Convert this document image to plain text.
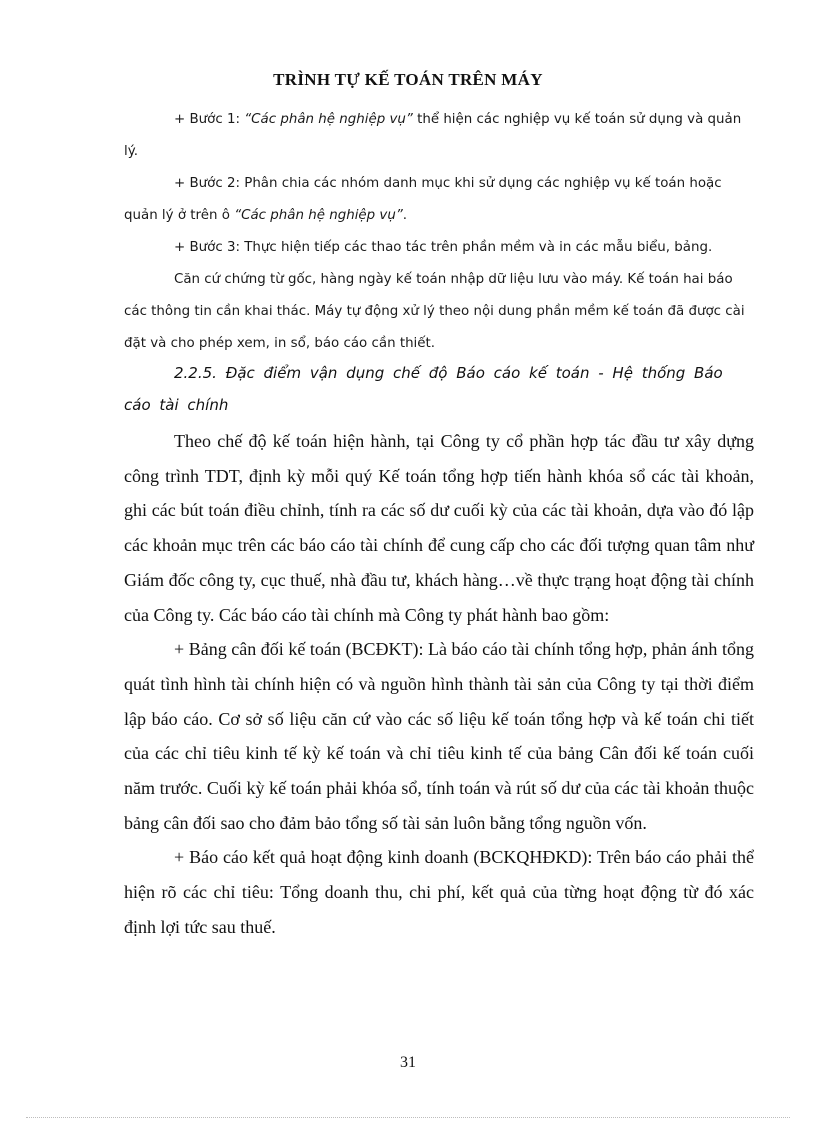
TRÌNH TỰ KẾ TOÁN TRÊN MÁY

+ Bước 1: “Các phân hệ nghiệp vụ” thể hiện các nghiệp vụ kế toán sử dụng và quản lý.

+ Bước 2: Phân chia các nhóm danh mục khi sử dụng các nghiệp vụ kế toán hoặc quản lý ở trên ô “Các phân hệ nghiệp vụ”.

+ Bước 3: Thực hiện tiếp các thao tác trên phần mềm và in các mẫu biểu, bảng.

Căn cứ chứng từ gốc, hàng ngày kế toán nhập dữ liệu lưu vào máy. Kế toán hai báo các thông tin cần khai thác. Máy tự động xử lý theo nội dung phần mềm kế toán đã được cài đặt và cho phép xem, in sổ, báo cáo cần thiết.

2.2.5. Đặc điểm vận dụng chế độ Báo cáo kế toán - Hệ thống Báo cáo tài chính

Theo chế độ kế toán hiện hành, tại Công ty cổ phần hợp tác đầu tư xây dựng công trình TDT, định kỳ mỗi quý Kế toán tổng hợp tiến hành khóa sổ các tài khoản, ghi các bút toán điều chỉnh, tính ra các số dư cuối kỳ của các tài khoản, dựa vào đó lập các khoản mục trên các báo cáo tài chính để cung cấp cho các đối tượng quan tâm như Giám đốc công ty, cục thuế, nhà đầu tư, khách hàng…về thực trạng hoạt động tài chính của Công ty. Các báo cáo tài chính mà Công ty phát hành bao gồm:

+ Bảng cân đối kế toán (BCĐKT): Là báo cáo tài chính tổng hợp, phản ánh tổng quát tình hình tài chính hiện có và nguồn hình thành tài sản của Công ty tại thời điểm lập báo cáo. Cơ sở số liệu căn cứ vào các số liệu kế toán tổng hợp và kế toán chi tiết của các chỉ tiêu kinh tế kỳ kế toán và chỉ tiêu kinh tế của bảng Cân đối kế toán cuối năm trước. Cuối kỳ kế toán phải khóa sổ, tính toán và rút số dư của các tài khoản thuộc bảng cân đối sao cho đảm bảo tổng số tài sản luôn bằng tổng nguồn vốn.

+ Báo cáo kết quả hoạt động kinh doanh (BCKQHĐKD): Trên báo cáo phải thể hiện rõ các chỉ tiêu: Tổng doanh thu, chi phí, kết quả của từng hoạt động từ đó xác định lợi tức sau thuế.

31
